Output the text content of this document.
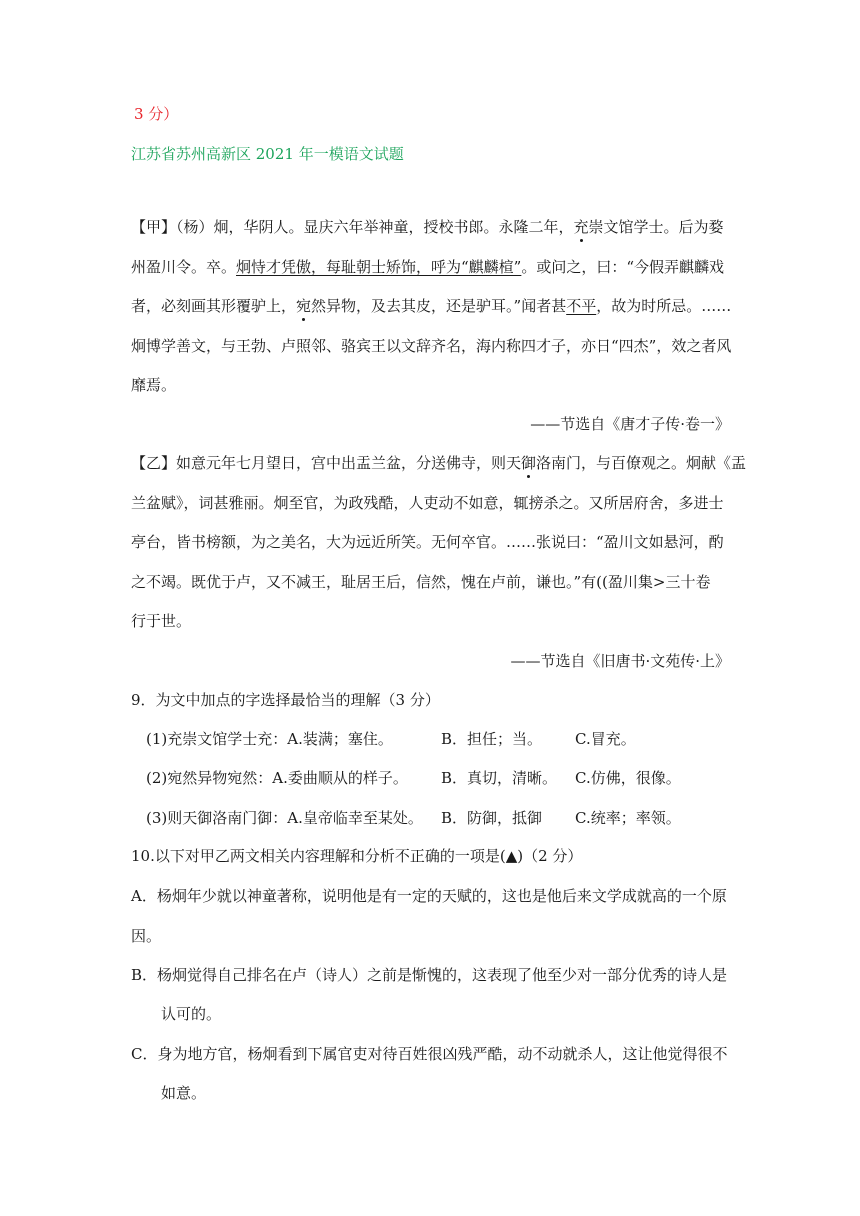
3 分）
江苏省苏州高新区 2021 年一模语文试题
【甲】（杨）炯，华阴人。显庆六年举神童，授校书郎。永隆二年，充崇文馆学士。后为婺
州盈川令。卒。炯恃才凭傲，每耻朝士矫饰，呼为“麒麟楦”。或问之，曰：“今假弄麒麟戏
者，必刻画其形覆驴上，宛然异物，及去其皮，还是驴耳。”闻者甚不平，故为时所忌。……
炯博学善文，与王勃、卢照邻、骆宾王以文辞齐名，海内称四才子，亦日“四杰”，效之者风
靡焉。
——节选自《唐才子传·卷一》
【乙】如意元年七月望日，宫中出盂兰盆，分送佛寺，则天御洛南门，与百僚观之。炯献《盂
兰盆赋》，词甚雅丽。炯至官，为政残酷，人吏动不如意，辄搒杀之。又所居府舍，多进士
亭台，皆书榜额，为之美名，大为远近所笑。无何卒官。……张说曰：“盈川文如悬河，酌
之不竭。既优于卢，又不减王，耻居王后，信然，愧在卢前，谦也。”有((盈川集>三十卷
行于世。
——节选自《旧唐书·文苑传·上》
9．为文中加点的字选择最恰当的理解（3 分）
(1)充崇文馆学士充：A.装满；塞住。	B．担任；当。 C.冒充。
(2)宛然异物宛然：A.委曲顺从的样子。 B．真切，清晰。 C.仿佛，很像。
(3)则天御洛南门御：A.皇帝临幸至某处。 B．防御，抵御 C.统率；率领。
10.以下对甲乙两文相关内容理解和分析不正确的一项是(▲)（2 分）
A．杨炯年少就以神童著称，说明他是有一定的天赋的，这也是他后来文学成就高的一个原
因。
B．杨炯觉得自己排名在卢（诗人）之前是惭愧的，这表现了他至少对一部分优秀的诗人是
认可的。
C．身为地方官，杨炯看到下属官吏对待百姓很凶残严酷，动不动就杀人，这让他觉得很不
如意。
